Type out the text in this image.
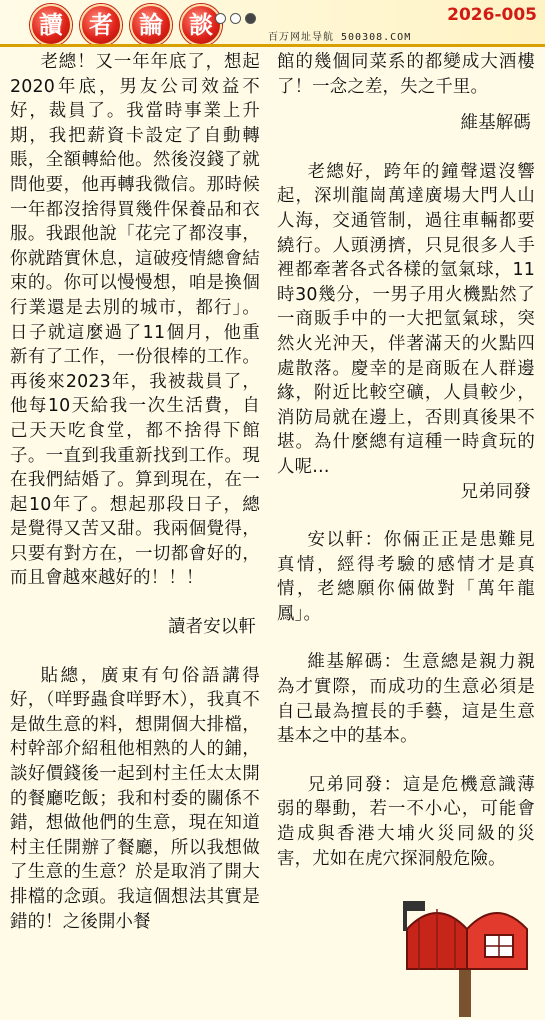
讀	者	論	談	2026-005
百万网址导航 500308.COM

老總！又一年年底了，想起2020年底，男友公司效益不好，裁員了。我當時事業上升期，我把薪資卡設定了自動轉賬，全額轉給他。然後沒錢了就問他要，他再轉我微信。那時候一年都沒捨得買幾件保養品和衣服。我跟他說「花完了都沒事，你就踏實休息，這破疫情總會結束的。你可以慢慢想，咱是換個行業還是去別的城市，都行」。日子就這麼過了11個月，他重新有了工作，一份很棒的工作。再後來2023年，我被裁員了，他每10天給我一次生活費，自己天天吃食堂，都不捨得下館子。一直到我重新找到工作。現在我們結婚了。算到現在，在一起10年了。想起那段日子，總是覺得又苦又甜。我兩個覺得，只要有對方在，一切都會好的，而且會越來越好的！！！

讀者安以軒

貼總，廣東有句俗語講得好，（咩野蟲食咩野木），我真不是做生意的料，想開個大排檔，村幹部介紹租他相熟的人的鋪，談好價錢後一起到村主任太太開的餐廳吃飯；我和村委的關係不錯，想做他們的生意，現在知道村主任開辦了餐廳，所以我想做了生意的生意？於是取消了開大排檔的念頭。我這個想法其實是錯的！之後開小餐

館的幾個同菜系的都變成大酒樓了！一念之差，失之千里。

維基解碼

老總好，跨年的鐘聲還沒響起，深圳龍崗萬達廣場大門人山人海，交通管制，過往車輛都要繞行。人頭湧擠，只見很多人手裡都牽著各式各樣的氫氣球，11時30幾分，一男子用火機點然了一商販手中的一大把氫氣球，突然火光沖天，伴著滿天的火點四處散落。慶幸的是商販在人群邊緣，附近比較空礦，人員較少，消防局就在邊上，否則真後果不堪。為什麼總有這種一時貪玩的人呢…

兄弟同發

安以軒：你倆正正是患難見真情，經得考驗的感情才是真情，老總願你倆做對「萬年龍鳳」。

維基解碼：生意總是親力親為才實際，而成功的生意必須是自己最為擅長的手藝，這是生意基本之中的基本。

兄弟同發：這是危機意識薄弱的舉動，若一不小心，可能會造成與香港大埔火災同級的災害，尤如在虎穴探洞般危險。
